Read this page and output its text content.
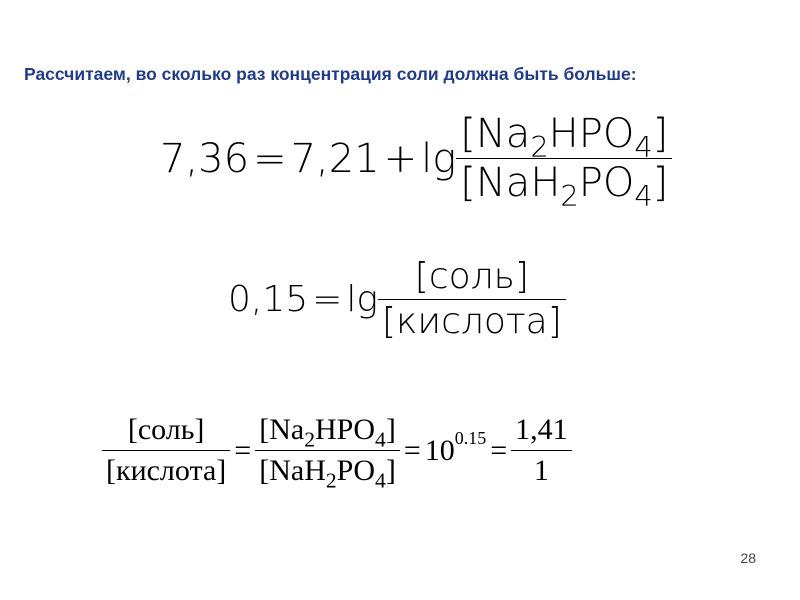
Рассчитаем, во сколько раз концентрация соли должна быть больше:
$7,36 = 7,21 + \lg \frac{[Na_2HPO_4]}{[NaH_2PO_4]}$
$0,15 = \lg \frac{\text{[соль]}}{\text{[кислота]}}$
$\frac{\text{[соль]}}{\text{[кислота]}} = \frac{[Na_2HPO_4]}{[NaH_2PO_4]} = 10^{0.15} = \frac{1,41}{1}$
28
